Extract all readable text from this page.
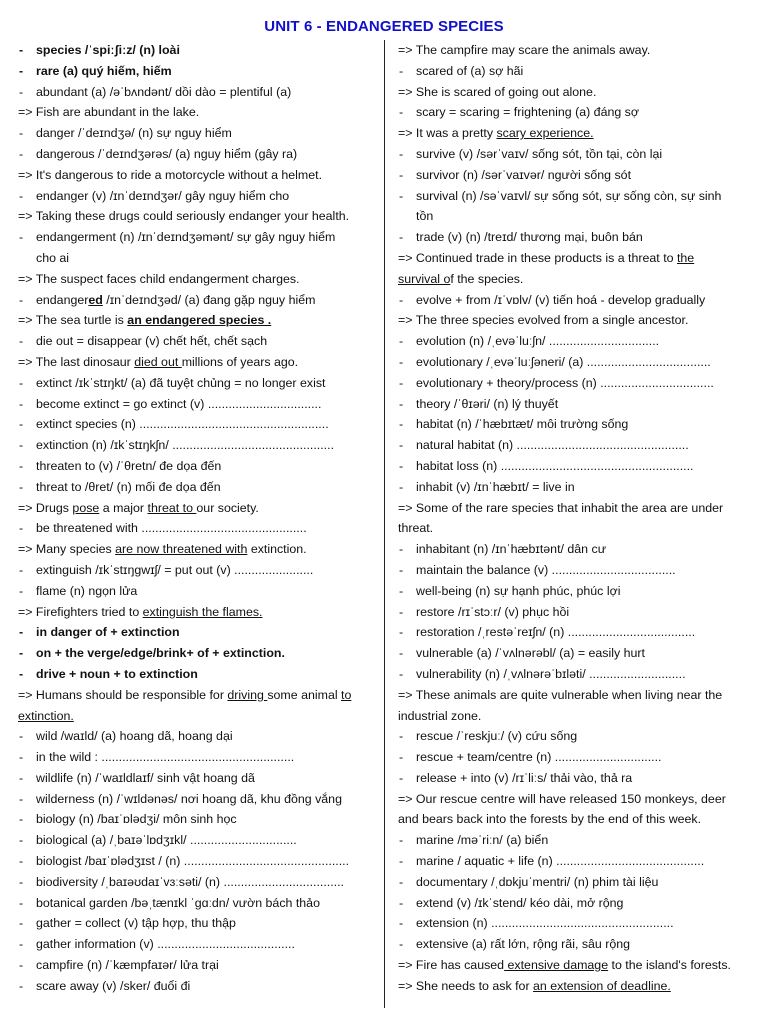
UNIT 6 - ENDANGERED SPECIES
- species /ˈspiːʃiːz/ (n) loài
- rare (a) quý hiếm, hiếm
- abundant (a) /əˈbʌndənt/ dồi dào = plentiful (a)
=> Fish are abundant in the lake.
- danger /ˈdeɪndʒə/ (n) sự nguy hiểm
- dangerous /ˈdeɪndʒərəs/ (a) nguy hiểm (gây ra)
=> It's dangerous to ride a motorcycle without a helmet.
- endanger (v) /ɪnˈdeɪndʒər/ gây nguy hiểm cho
=> Taking these drugs could seriously endanger your health.
- endangerment (n) /ɪnˈdeɪndʒəmənt/ sự gây nguy hiểm
cho ai
=> The suspect faces child endangerment charges.
- endangered /ɪnˈdeɪndʒəd/ (a) đang gặp nguy hiểm
=> The sea turtle is an endangered species .
- die out = disappear (v) chết hết, chết sạch
=> The last dinosaur died out millions of years ago.
- extinct /ɪkˈstɪŋkt/ (a) đã tuyệt chủng = no longer exist
- become extinct = go extinct (v) .................................
- extinct species (n) .......................................................
- extinction (n) /ɪkˈstɪŋkʃn/ ...............................................
- threaten to (v) /ˈθretn/ đe dọa đến
- threat to /θret/ (n) mối đe dọa đến
=> Drugs pose a major threat to our society.
- be threatened with ................................................
=> Many species are now threatened with extinction.
- extinguish /ɪkˈstɪŋgwɪʃ/ = put out (v) .......................
- flame (n) ngọn lửa
=> Firefighters tried to extinguish the flames.
- in danger of + extinction
- on + the verge/edge/brink+ of + extinction.
- drive + noun + to extinction
=> Humans should be responsible for driving some animal to
extinction.
- wild /waɪld/ (a) hoang dã, hoang dại
- in the wild : ........................................................
- wildlife (n) /ˈwaɪldlaɪf/ sinh vật hoang dã
- wilderness (n) /ˈwɪldənəs/ nơi hoang dã, khu đồng vắng
- biology (n) /baɪˈɒlədʒi/ môn sinh học
- biological (a) /ˌbaɪəˈlɒdʒɪkl/ ...............................
- biologist /baɪˈɒlədʒɪst / (n) ................................................
- biodiversity /ˌbaɪəʊdaɪˈvɜːsəti/ (n) ...................................
- botanical garden /bəˌtænɪkl ˈgɑːdn/ vườn bách thảo
- gather = collect (v) tập hợp, thu thập
- gather information (v) ........................................
- campfire (n) /ˈkæmpfaɪər/ lửa trại
- scare away (v) /sker/ đuổi đi
=> The campfire may scare the animals away.
- scared of (a) sợ hãi
=> She is scared of going out alone.
- scary = scaring = frightening (a) đáng sợ
=> It was a pretty scary experience.
- survive (v) /sərˈvaɪv/ sống sót, tồn tại, còn lại
- survivor (n) /sərˈvaɪvər/ người sống sót
- survival (n) /səˈvaɪvl/ sự sống sót, sự sống còn, sự sinh
tồn
- trade (v) (n) /treɪd/ thương mại, buôn bán
=> Continued trade in these products is a threat to the
survival of the species.
- evolve + from /ɪˈvɒlv/ (v) tiến hoá - develop gradually
=> The three species evolved from a single ancestor.
- evolution (n) /ˌevəˈluːʃn/ ................................
- evolutionary /ˌevəˈluːʃəneri/ (a) ....................................
- evolutionary + theory/process (n) .................................
- theory /ˈθɪəri/ (n) lý thuyết
- habitat (n) /ˈhæbɪtæt/ môi trường sống
- natural habitat (n) ..................................................
- habitat loss (n) ........................................................
- inhabit (v) /ɪnˈhæbɪt/ = live in
=> Some of the rare species that inhabit the area are under
threat.
- inhabitant (n) /ɪnˈhæbɪtənt/ dân cư
- maintain the balance (v) ....................................
- well-being (n) sự hạnh phúc, phúc lợi
- restore /rɪˈstɔːr/ (v) phục hồi
- restoration /ˌrestəˈreɪʃn/ (n) .....................................
- vulnerable (a) /ˈvʌlnərəbl/ (a) = easily hurt
- vulnerability (n) /ˌvʌlnərəˈbɪləti/ ............................
=> These animals are quite vulnerable when living near the
industrial zone.
- rescue /ˈreskjuː/ (v) cứu sống
- rescue + team/centre (n) ...............................
- release + into (v) /rɪˈliːs/ thải vào, thả ra
=> Our rescue centre will have released 150 monkeys, deer
and bears back into the forests by the end of this week.
- marine /məˈriːn/ (a) biển
- marine / aquatic + life (n) ...........................................
- documentary /ˌdɒkjuˈmentri/ (n) phim tài liệu
- extend (v) /ɪkˈstend/ kéo dài, mở rộng
- extension (n) .....................................................
- extensive (a) rất lớn, rộng rãi, sâu rộng
=> Fire has caused extensive damage to the island's forests.
=> She needs to ask for an extension of deadline.
